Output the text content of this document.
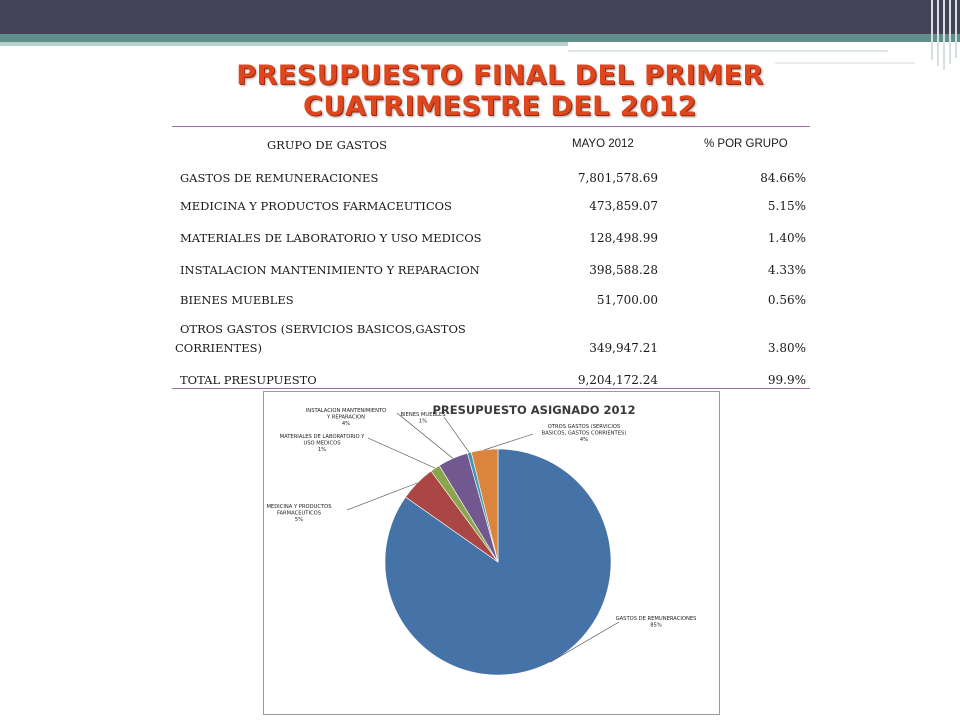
PRESUPUESTO FINAL DEL PRIMER
CUATRIMESTRE DEL 2012
GRUPO DE GASTOS	MAYO 2012	% POR GRUPO
GASTOS DE REMUNERACIONES	7,801,578.69	84.66%
MEDICINA Y PRODUCTOS FARMACEUTICOS	473,859.07	5.15%
MATERIALES DE LABORATORIO Y USO MEDICOS	128,498.99	1.40%
INSTALACION MANTENIMIENTO Y REPARACION	398,588.28	4.33%
BIENES MUEBLES	51,700.00	0.56%
OTROS GASTOS (SERVICIOS BASICOS,GASTOS
CORRIENTES)	349,947.21	3.80%
TOTAL PRESUPUESTO	9,204,172.24	99.9%
PRESUPUESTO ASIGNADO 2012
GASTOS DE REMUNERACIONES 85%
MEDICINA Y PRODUCTOS FARMACEUTICOS 5%
MATERIALES DE LABORATORIO Y USO MEDICOS 1%
INSTALACION MANTENIMIENTO Y REPARACION 4%
BIENES MUEBLES 1%
OTROS GASTOS (SERVICIOS BASICOS, GASTOS CORRIENTES) 4%
